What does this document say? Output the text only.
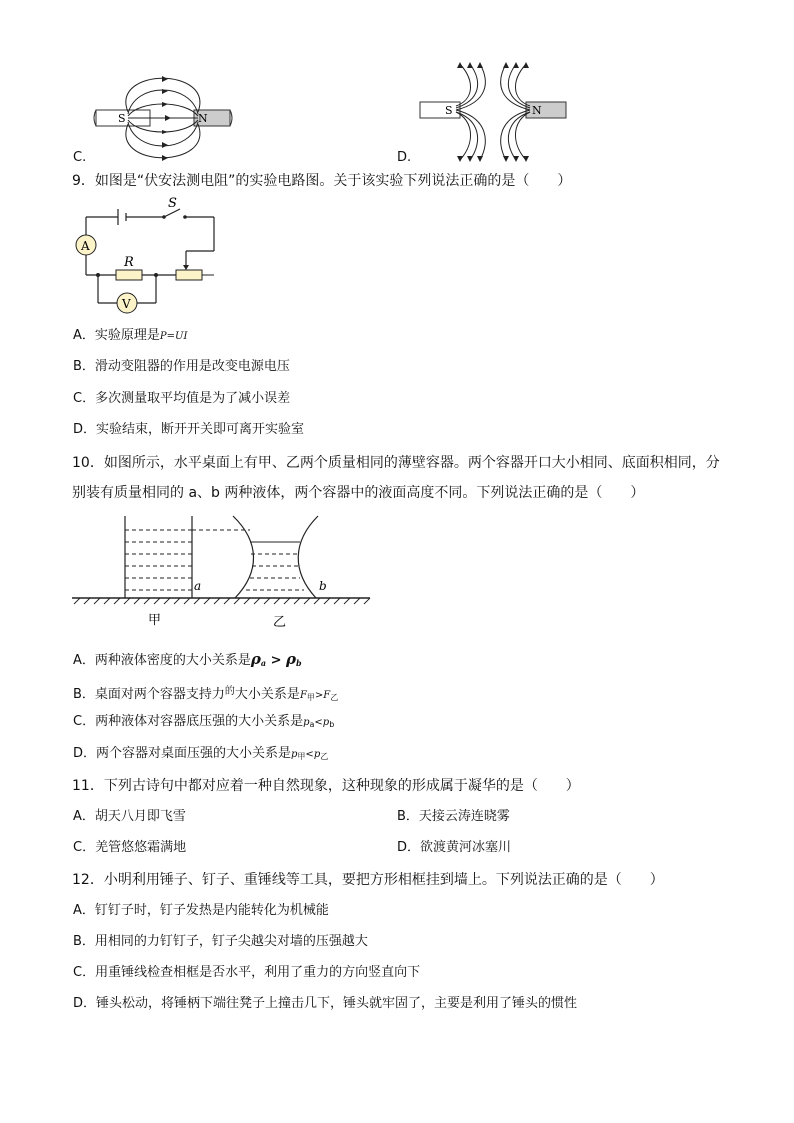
S	N
C.
S	N
D.
9．如图是“伏安法测电阻”的实验电路图。关于该实验下列说法正确的是（　　）
A
V
S
R
A．实验原理是P=UI
B．滑动变阻器的作用是改变电源电压
C．多次测量取平均值是为了减小误差
D．实验结束，断开开关即可离开实验室
10．如图所示，水平桌面上有甲、乙两个质量相同的薄壁容器。两个容器开口大小相同、底面积相同，分
别装有质量相同的 a、b 两种液体，两个容器中的液面高度不同。下列说法正确的是（　　）
a	b
甲	乙
A．两种液体密度的大小关系是$\rho_a > \rho_b$
B．桌面对两个容器支持力$^的$大小关系是$F_甲>F_乙$
C．两种液体对容器底压强的大小关系是$p_a<p_b$
D．两个容器对桌面压强的大小关系是$p_甲<p_乙$
11．下列古诗句中都对应着一种自然现象，这种现象的形成属于凝华的是（　　）
A．胡天八月即飞雪	B．天接云涛连晓雾
C．羌管悠悠霜满地	D．欲渡黄河冰塞川
12．小明利用锤子、钉子、重锤线等工具，要把方形相框挂到墙上。下列说法正确的是（　　）
A．钉钉子时，钉子发热是内能转化为机械能
B．用相同的力钉钉子，钉子尖越尖对墙的压强越大
C．用重锤线检查相框是否水平，利用了重力的方向竖直向下
D．锤头松动，将锤柄下端往凳子上撞击几下，锤头就牢固了，主要是利用了锤头的惯性
